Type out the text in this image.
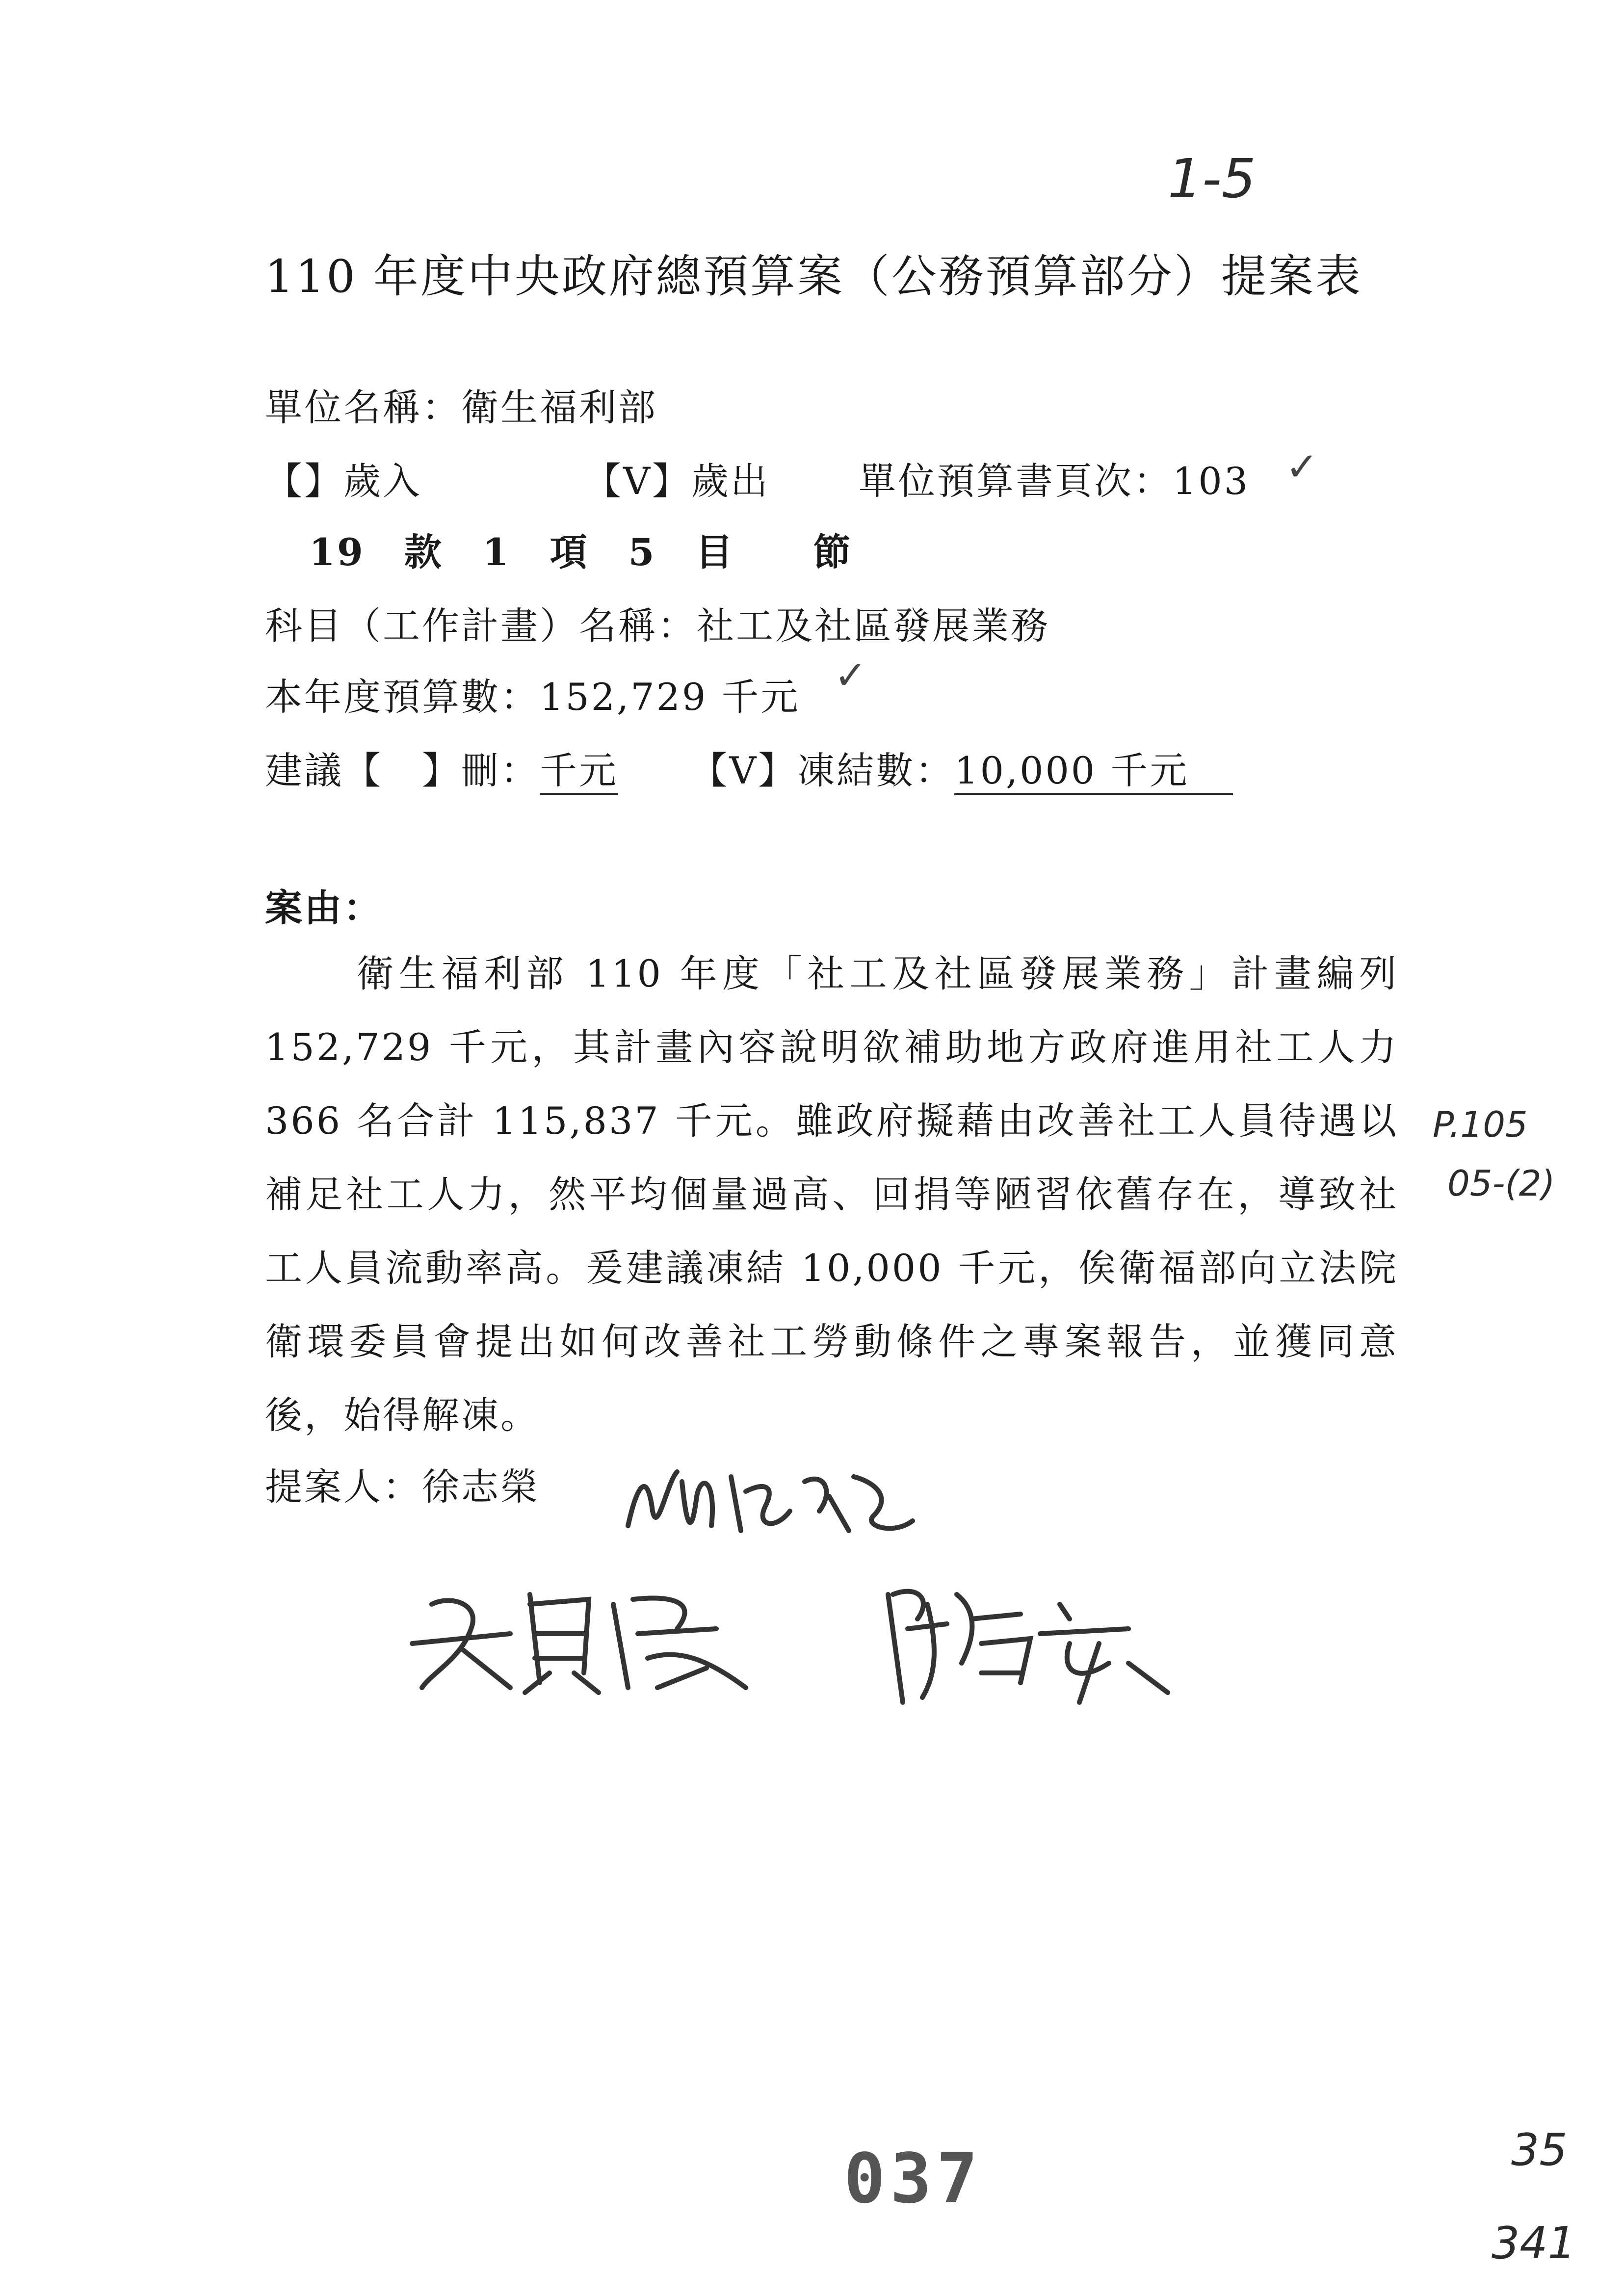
1-5
110 年度中央政府總預算案（公務預算部分）提案表
單位名稱：衛生福利部
【】歲入	【V】歲出 單位預算書頁次：103 ✓
19　款　1　項　5　目　　節
科目（工作計畫）名稱：社工及社區發展業務
本年度預算數：152,729 千元 ✓
建議【　】刪：千元 【V】凍結數：10,000 千元
案由：
衛生福利部 110 年度「社工及社區發展業務」計畫編列 152,729 千元，其計畫內容說明欲補助地方政府進用社工人力 366 名合計 115,837 千元。雖政府擬藉由改善社工人員待遇以補足社工人力，然平均個量過高、回捐等陋習依舊存在，導致社工人員流動率高。爰建議凍結 10,000 千元，俟衛福部向立法院衛環委員會提出如何改善社工勞動條件之專案報告，並獲同意後，始得解凍。
P.105
05-(2)
提案人：徐志榮
037	35
341
